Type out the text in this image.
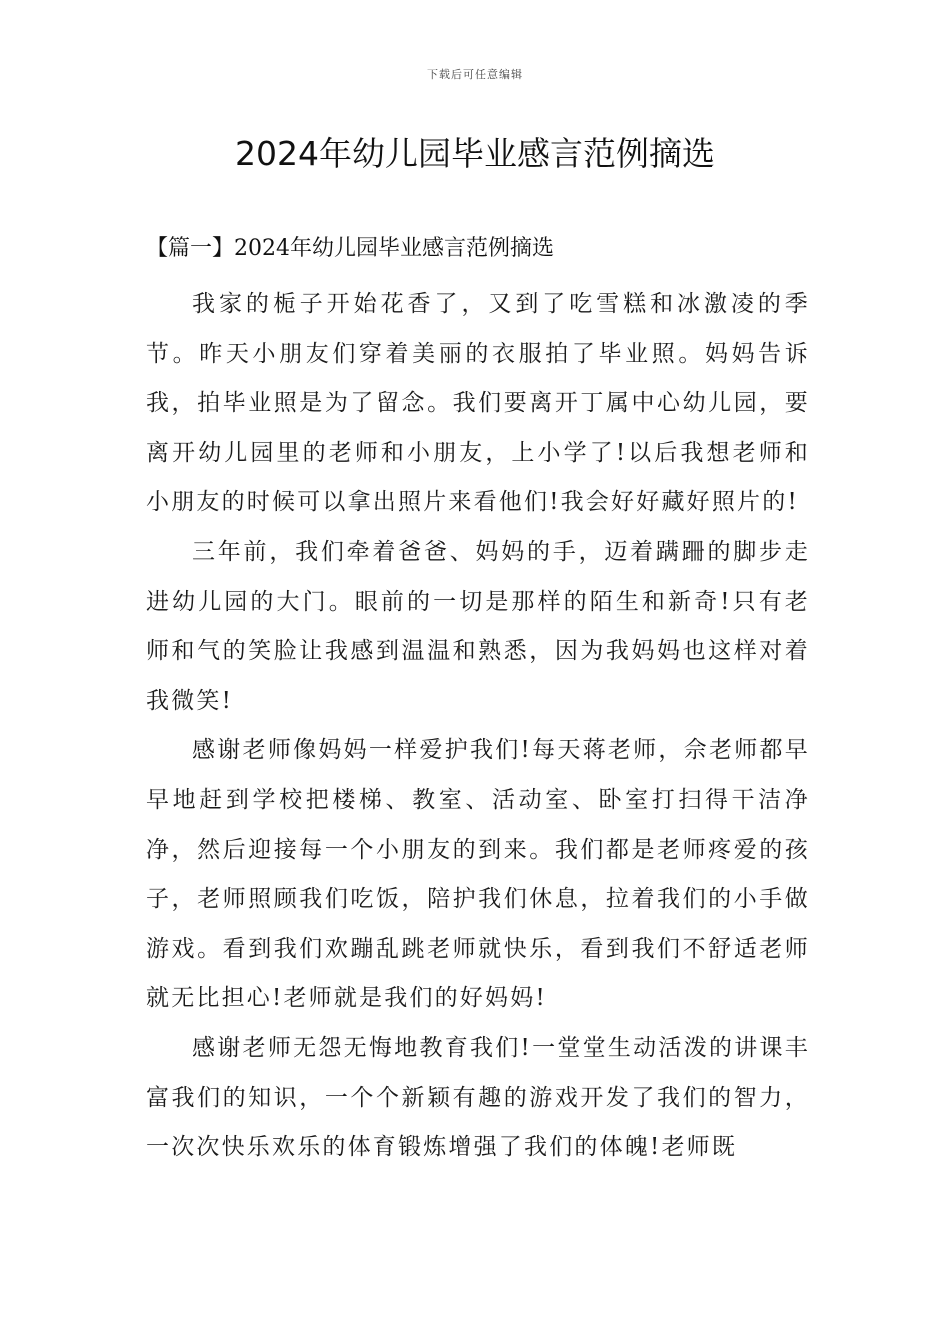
下载后可任意编辑
2024年幼儿园毕业感言范例摘选
【篇一】2024年幼儿园毕业感言范例摘选

我家的栀子开始花香了，又到了吃雪糕和冰激凌的季节。昨天小朋友们穿着美丽的衣服拍了毕业照。妈妈告诉我，拍毕业照是为了留念。我们要离开丁属中心幼儿园，要离开幼儿园里的老师和小朋友，上小学了!以后我想老师和小朋友的时候可以拿出照片来看他们!我会好好藏好照片的!

三年前，我们牵着爸爸、妈妈的手，迈着蹒跚的脚步走进幼儿园的大门。眼前的一切是那样的陌生和新奇!只有老师和气的笑脸让我感到温温和熟悉，因为我妈妈也这样对着我微笑!

感谢老师像妈妈一样爱护我们!每天蒋老师，佘老师都早早地赶到学校把楼梯、教室、活动室、卧室打扫得干洁净净，然后迎接每一个小朋友的到来。我们都是老师疼爱的孩子，老师照顾我们吃饭，陪护我们休息，拉着我们的小手做游戏。看到我们欢蹦乱跳老师就快乐，看到我们不舒适老师就无比担心!老师就是我们的好妈妈!

感谢老师无怨无悔地教育我们!一堂堂生动活泼的讲课丰富我们的知识，一个个新颖有趣的游戏开发了我们的智力，一次次快乐欢乐的体育锻炼增强了我们的体魄!老师既
